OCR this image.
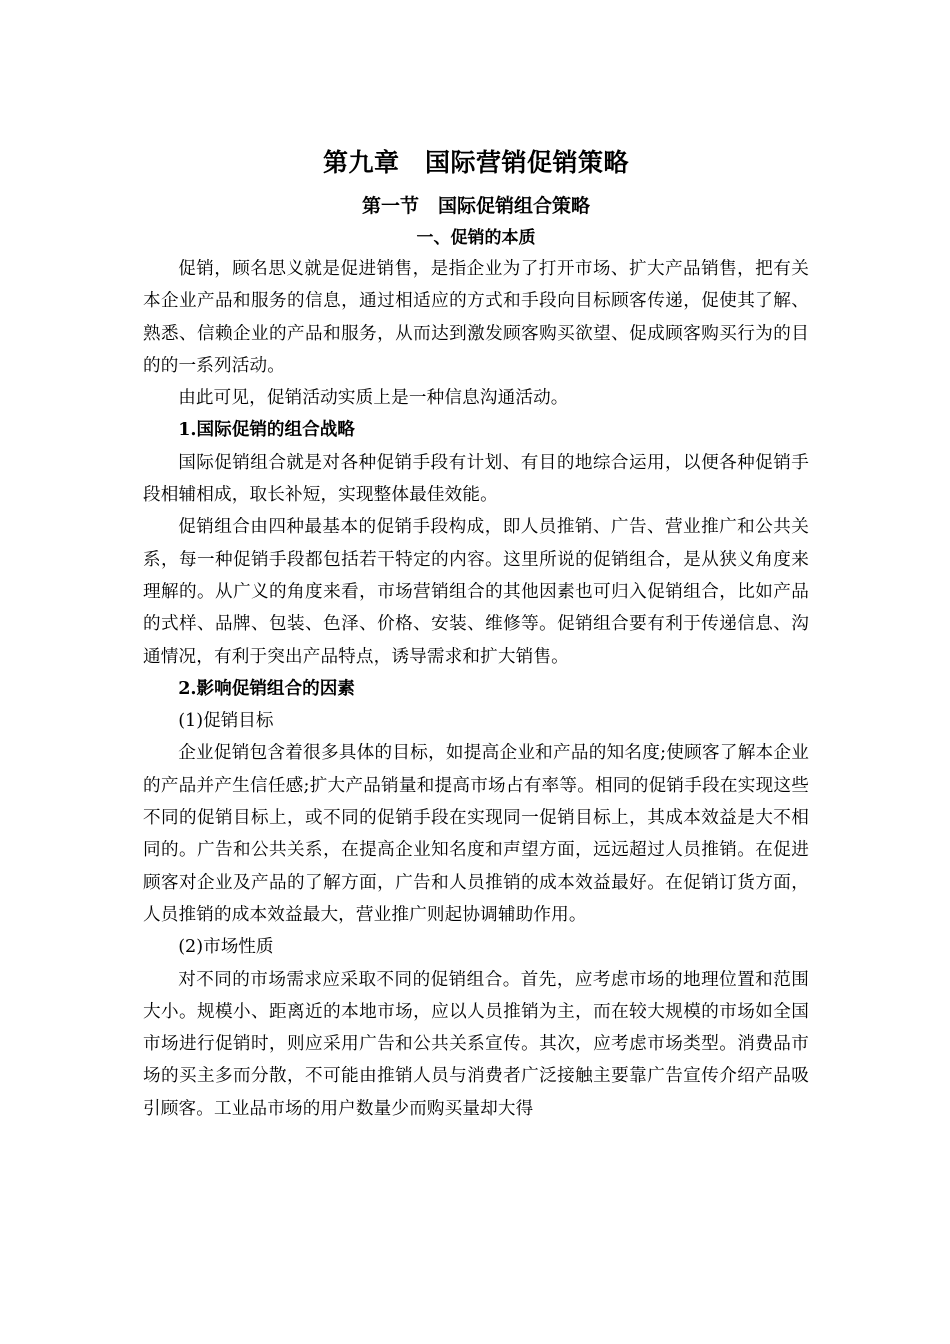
第九章　国际营销促销策略
第一节　国际促销组合策略
一、促销的本质

促销，顾名思义就是促进销售，是指企业为了打开市场、扩大产品销售，把有关本企业产品和服务的信息，通过相适应的方式和手段向目标顾客传递，促使其了解、熟悉、信赖企业的产品和服务，从而达到激发顾客购买欲望、促成顾客购买行为的目的的一系列活动。

由此可见，促销活动实质上是一种信息沟通活动。

1.国际促销的组合战略

国际促销组合就是对各种促销手段有计划、有目的地综合运用，以便各种促销手段相辅相成，取长补短，实现整体最佳效能。

促销组合由四种最基本的促销手段构成，即人员推销、广告、营业推广和公共关系，每一种促销手段都包括若干特定的内容。这里所说的促销组合，是从狭义角度来理解的。从广义的角度来看，市场营销组合的其他因素也可归入促销组合，比如产品的式样、品牌、包装、色泽、价格、安装、维修等。促销组合要有利于传递信息、沟通情况，有利于突出产品特点，诱导需求和扩大销售。

2.影响促销组合的因素

(1)促销目标

企业促销包含着很多具体的目标，如提高企业和产品的知名度;使顾客了解本企业的产品并产生信任感;扩大产品销量和提高市场占有率等。相同的促销手段在实现这些不同的促销目标上，或不同的促销手段在实现同一促销目标上，其成本效益是大不相同的。广告和公共关系，在提高企业知名度和声望方面，远远超过人员推销。在促进顾客对企业及产品的了解方面，广告和人员推销的成本效益最好。在促销订货方面，人员推销的成本效益最大，营业推广则起协调辅助作用。

(2)市场性质

对不同的市场需求应采取不同的促销组合。首先，应考虑市场的地理位置和范围大小。规模小、距离近的本地市场，应以人员推销为主，而在较大规模的市场如全国市场进行促销时，则应采用广告和公共关系宣传。其次，应考虑市场类型。消费品市场的买主多而分散，不可能由推销人员与消费者广泛接触主要靠广告宣传介绍产品吸引顾客。工业品市场的用户数量少而购买量却大得
